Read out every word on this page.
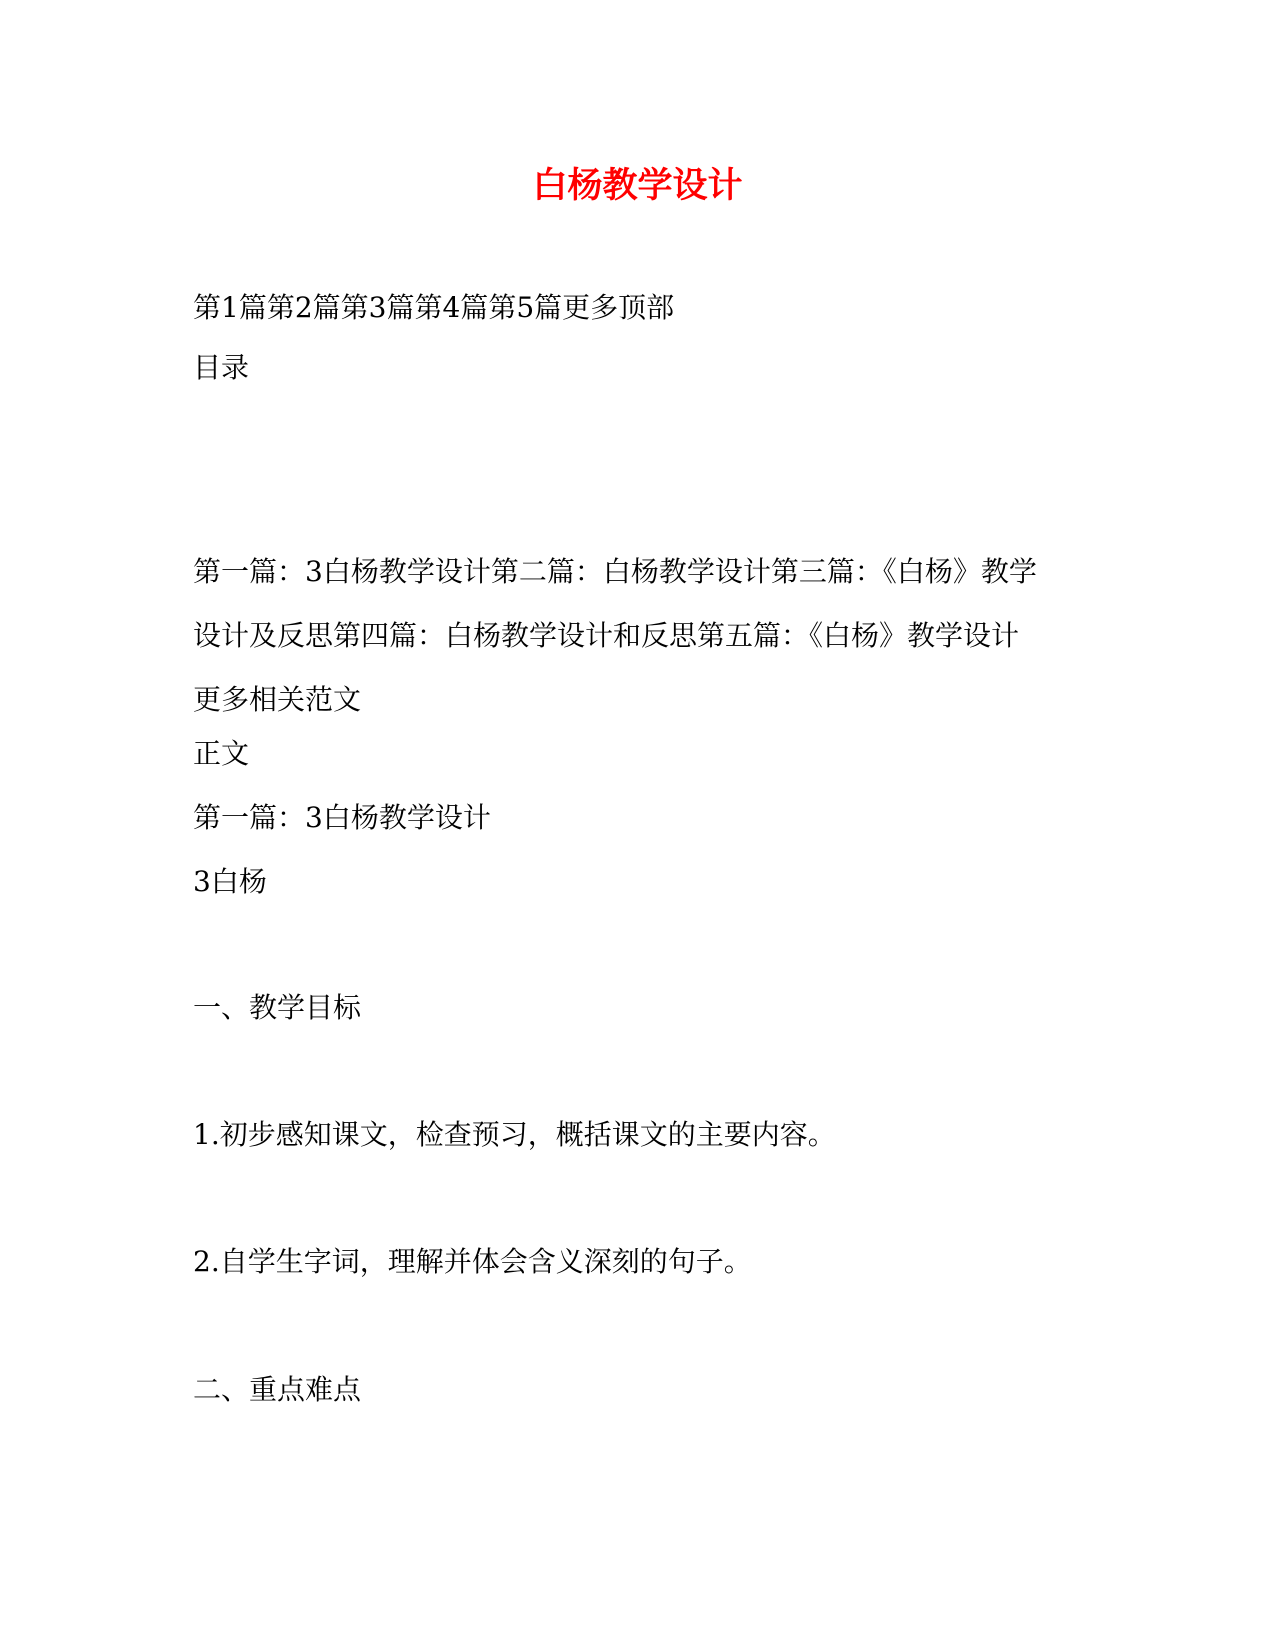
白杨教学设计
第1篇第2篇第3篇第4篇第5篇更多顶部
目录
第一篇：3白杨教学设计第二篇：白杨教学设计第三篇：《白杨》教学
设计及反思第四篇：白杨教学设计和反思第五篇：《白杨》教学设计
更多相关范文
正文
第一篇：3白杨教学设计
3白杨
一、教学目标
1.初步感知课文，检查预习，概括课文的主要内容。
2.自学生字词，理解并体会含义深刻的句子。
二、重点难点
